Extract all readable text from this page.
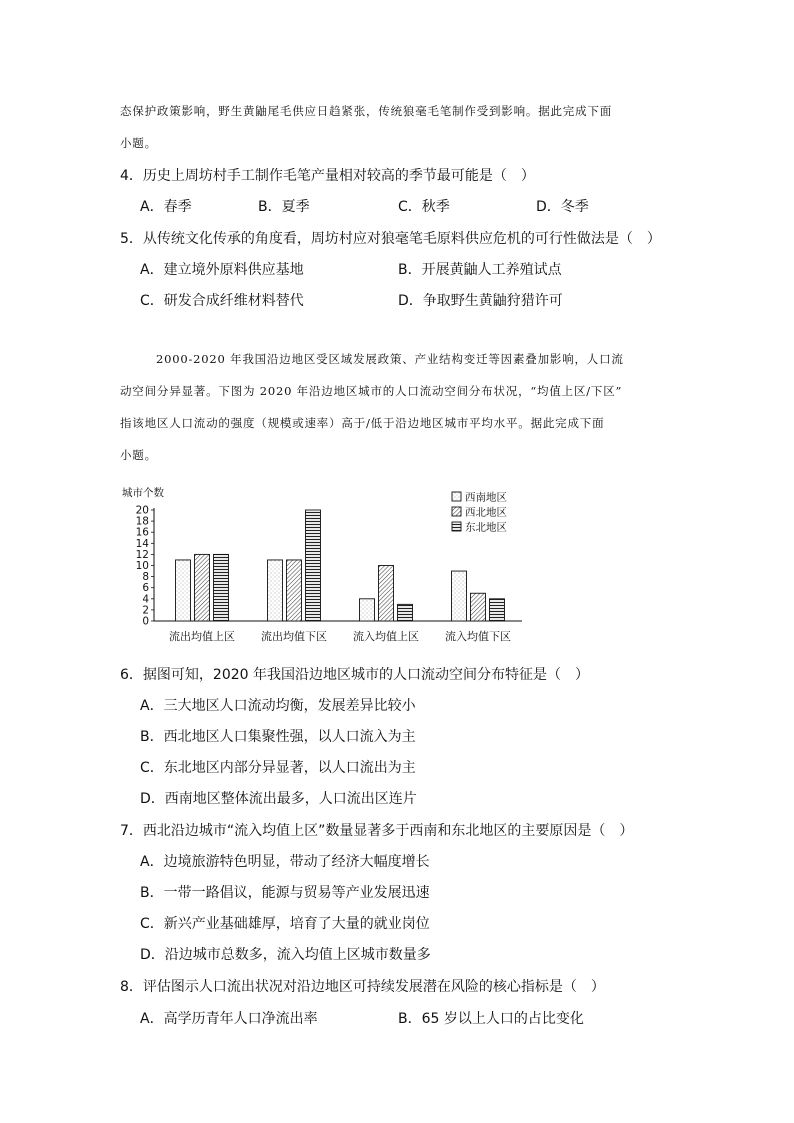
态保护政策影响，野生黄鼬尾毛供应日趋紧张，传统狼毫毛笔制作受到影响。据此完成下面
小题。
4．历史上周坊村手工制作毛笔产量相对较高的季节最可能是（　）
A．春季	B．夏季	C．秋季	D．冬季
5．从传统文化传承的角度看，周坊村应对狼毫笔毛原料供应危机的可行性做法是（　）
A．建立境外原料供应基地	B．开展黄鼬人工养殖试点
C．研发合成纤维材料替代	D．争取野生黄鼬狩猎许可
2000-2020 年我国沿边地区受区域发展政策、产业结构变迁等因素叠加影响，人口流
动空间分异显著。下图为 2020 年沿边地区城市的人口流动空间分布状况，“均值上区/下区”
指该地区人口流动的强度（规模或速率）高于/低于沿边地区城市平均水平。据此完成下面
小题。
城市个数
0
2
4
6
8
10
12
14
16
18
20
流出均值上区 流出均值下区 流入均值上区 流入均值下区
西南地区
西北地区
东北地区
6．据图可知，2020 年我国沿边地区城市的人口流动空间分布特征是（　）
A．三大地区人口流动均衡，发展差异比较小
B．西北地区人口集聚性强，以人口流入为主
C．东北地区内部分异显著，以人口流出为主
D．西南地区整体流出最多，人口流出区连片
7．西北沿边城市“流入均值上区”数量显著多于西南和东北地区的主要原因是（　）
A．边境旅游特色明显，带动了经济大幅度增长
B．一带一路倡议，能源与贸易等产业发展迅速
C．新兴产业基础雄厚，培育了大量的就业岗位
D．沿边城市总数多，流入均值上区城市数量多
8．评估图示人口流出状况对沿边地区可持续发展潜在风险的核心指标是（　）
A．高学历青年人口净流出率	B．65 岁以上人口的占比变化
